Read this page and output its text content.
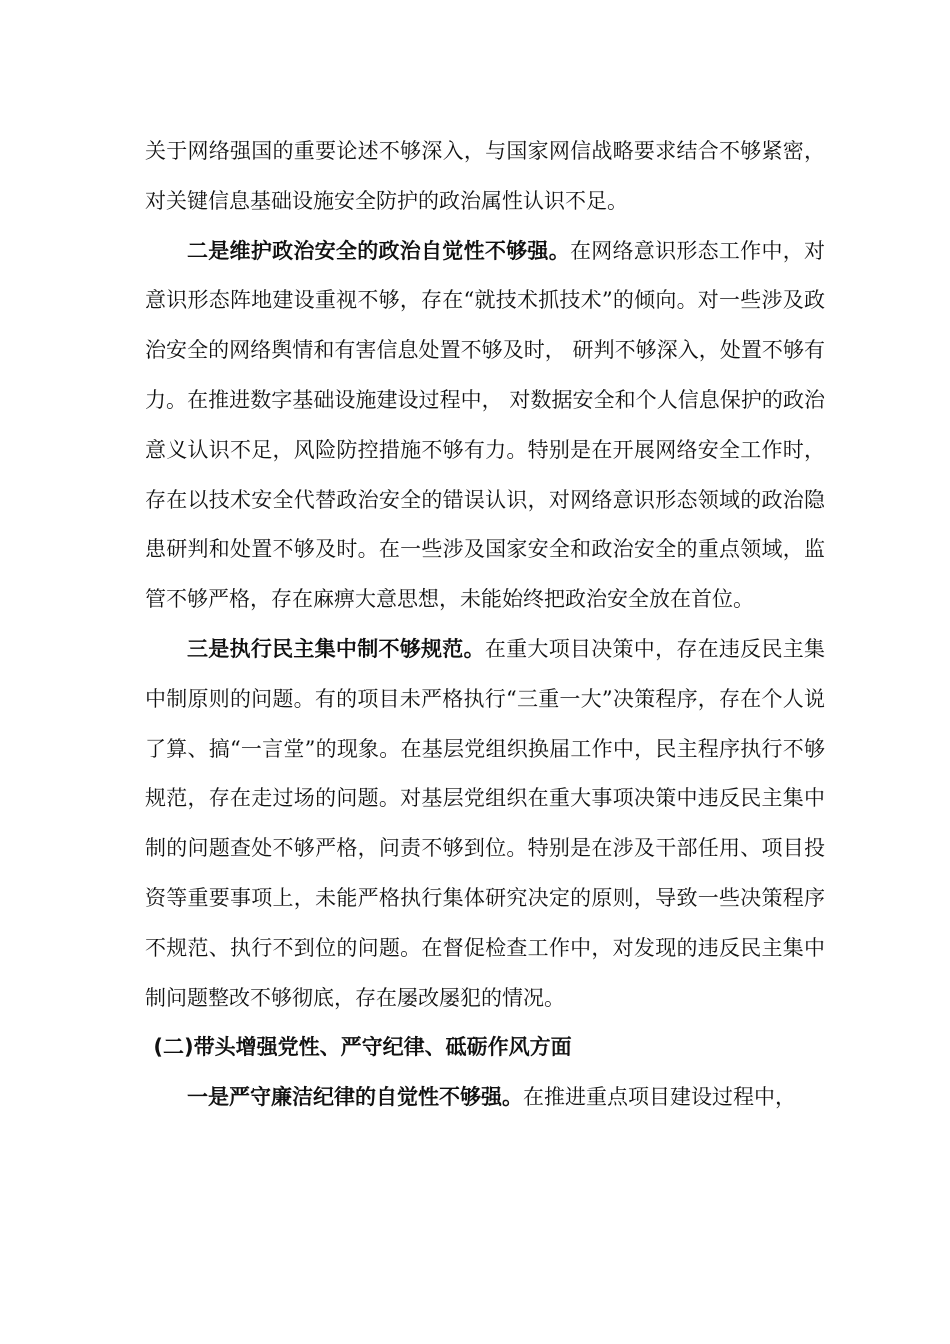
关于网络强国的重要论述不够深入，与国家网信战略要求结合不够紧密，对关键信息基础设施安全防护的政治属性认识不足。

二是维护政治安全的政治自觉性不够强。在网络意识形态工作中，对意识形态阵地建设重视不够，存在“就技术抓技术”的倾向。对一些涉及政治安全的网络舆情和有害信息处置不够及时， 研判不够深入，处置不够有力。在推进数字基础设施建设过程中， 对数据安全和个人信息保护的政治意义认识不足，风险防控措施不够有力。特别是在开展网络安全工作时，存在以技术安全代替政治安全的错误认识，对网络意识形态领域的政治隐患研判和处置不够及时。在一些涉及国家安全和政治安全的重点领域，监管不够严格，存在麻痹大意思想，未能始终把政治安全放在首位。

三是执行民主集中制不够规范。在重大项目决策中，存在违反民主集中制原则的问题。有的项目未严格执行“三重一大”决策程序，存在个人说了算、搞“一言堂”的现象。在基层党组织换届工作中，民主程序执行不够规范，存在走过场的问题。对基层党组织在重大事项决策中违反民主集中制的问题查处不够严格，问责不够到位。特别是在涉及干部任用、项目投资等重要事项上，未能严格执行集体研究决定的原则，导致一些决策程序不规范、执行不到位的问题。在督促检查工作中，对发现的违反民主集中制问题整改不够彻底，存在屡改屡犯的情况。

(二)带头增强党性、严守纪律、砥砺作风方面

一是严守廉洁纪律的自觉性不够强。在推进重点项目建设过程中，
